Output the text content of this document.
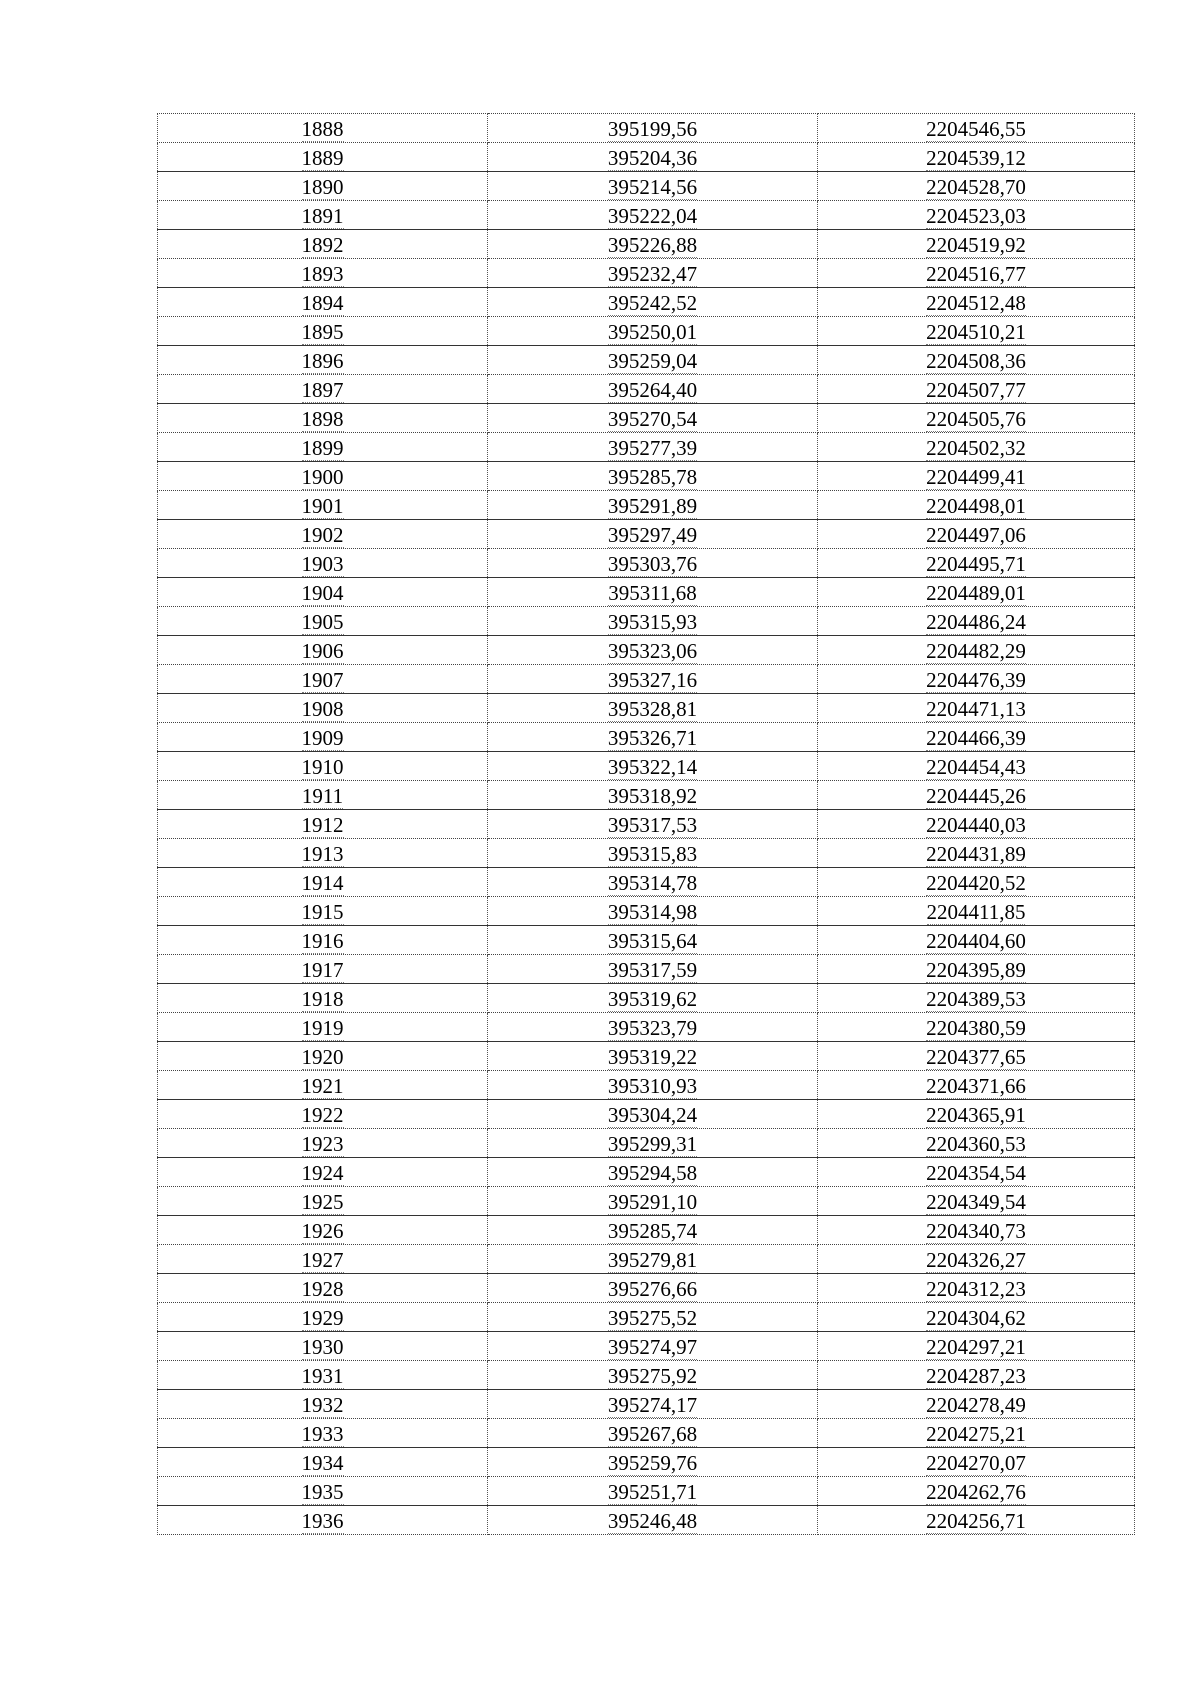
1888	395199,56	2204546,55
1889	395204,36	2204539,12
1890	395214,56	2204528,70
1891	395222,04	2204523,03
1892	395226,88	2204519,92
1893	395232,47	2204516,77
1894	395242,52	2204512,48
1895	395250,01	2204510,21
1896	395259,04	2204508,36
1897	395264,40	2204507,77
1898	395270,54	2204505,76
1899	395277,39	2204502,32
1900	395285,78	2204499,41
1901	395291,89	2204498,01
1902	395297,49	2204497,06
1903	395303,76	2204495,71
1904	395311,68	2204489,01
1905	395315,93	2204486,24
1906	395323,06	2204482,29
1907	395327,16	2204476,39
1908	395328,81	2204471,13
1909	395326,71	2204466,39
1910	395322,14	2204454,43
1911	395318,92	2204445,26
1912	395317,53	2204440,03
1913	395315,83	2204431,89
1914	395314,78	2204420,52
1915	395314,98	2204411,85
1916	395315,64	2204404,60
1917	395317,59	2204395,89
1918	395319,62	2204389,53
1919	395323,79	2204380,59
1920	395319,22	2204377,65
1921	395310,93	2204371,66
1922	395304,24	2204365,91
1923	395299,31	2204360,53
1924	395294,58	2204354,54
1925	395291,10	2204349,54
1926	395285,74	2204340,73
1927	395279,81	2204326,27
1928	395276,66	2204312,23
1929	395275,52	2204304,62
1930	395274,97	2204297,21
1931	395275,92	2204287,23
1932	395274,17	2204278,49
1933	395267,68	2204275,21
1934	395259,76	2204270,07
1935	395251,71	2204262,76
1936	395246,48	2204256,71
